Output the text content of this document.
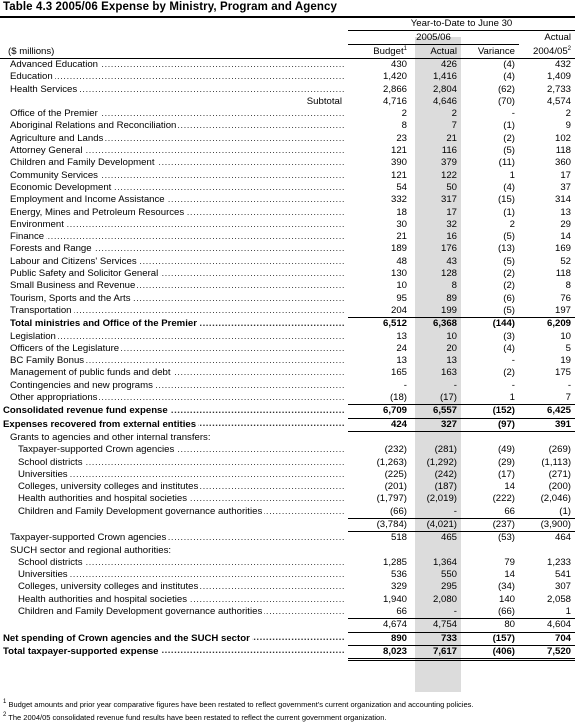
Table 4.3 2005/06 Expense by Ministry, Program and Agency
	Year-to-Date to June 30			
	2005/06			Actual
($ millions)	Budget$^1$	Actual	Variance	$2004/05^2$
Advanced Education .....	430	426	(4)	432
Education .....	1,420	1,416	(4)	1,409
Health Services .....	2,866	2,804	(62)	2,733
Subtotal	4,716	4,646	(70)	4,574
Office of the Premier .....	2	2	-	2
Aboriginal Relations and Reconciliation .....	8	7	(1)	9
Agriculture and Lands .....	23	21	(2)	102
Attorney General .....	121	116	(5)	118
Children and Family Development .....	390	379	(11)	360
Community Services .....	121	122	1	17
Economic Development .....	54	50	(4)	37
Employment and Income Assistance .....	332	317	(15)	314
Energy, Mines and Petroleum Resources .....	18	17	(1)	13
Environment .....	30	32	2	29
Finance .....	21	16	(5)	14
Forests and Range .....	189	176	(13)	169
Labour and Citizens' Services .....	48	43	(5)	52
Public Safety and Solicitor General .....	130	128	(2)	118
Small Business and Revenue .....	10	8	(2)	8
Tourism, Sports and the Arts .....	95	89	(6)	76
Transportation .....	204	199	(5)	197
Total ministries and Office of the Premier .....	6,512	6,368	(144)	6,209
Legislation .....	13	10	(3)	10
Officers of the Legislature .....	24	20	(4)	5
BC Family Bonus .....	13	13	-	19
Management of public funds and debt .....	165	163	(2)	175
Contingencies and new programs .....	-	-	-	-
Other appropriations .....	(18)	(17)	1	7
Consolidated revenue fund expense .....	6,709	6,557	(152)	6,425
Expenses recovered from external entities .....	424	327	(97)	391
Grants to agencies and other internal transfers:				
Taxpayer-supported Crown agencies .....	(232)	(281)	(49)	(269)
School districts .....	(1,263)	(1,292)	(29)	(1,113)
Universities .....	(225)	(242)	(17)	(271)
Colleges, university colleges and institutes .....	(201)	(187)	14	(200)
Health authorities and hospital societies .....	(1,797)	(2,019)	(222)	(2,046)
Children and Family Development governance authorities .....	(66)	-	66	(1)
	(3,784)	(4,021)	(237)	(3,900)
Taxpayer-supported Crown agencies .....	518	465	(53)	464
SUCH sector and regional authorities:				
School districts .....	1,285	1,364	79	1,233
Universities .....	536	550	14	541
Colleges, university colleges and institutes .....	329	295	(34)	307
Health authorities and hospital societies .....	1,940	2,080	140	2,058
Children and Family Development governance authorities .....	66	-	(66)	1
	4,674	4,754	80	4,604
Net spending of Crown agencies and the SUCH sector .....	890	733	(157)	704
Total taxpayer-supported expense .....	8,023	7,617	(406)	7,520
$^1$ Budget amounts and prior year comparative figures have been restated to reflect government's current organization and accounting policies.
$^2$ The 2004/05 consolidated revenue fund results have been restated to reflect the current government organization.
